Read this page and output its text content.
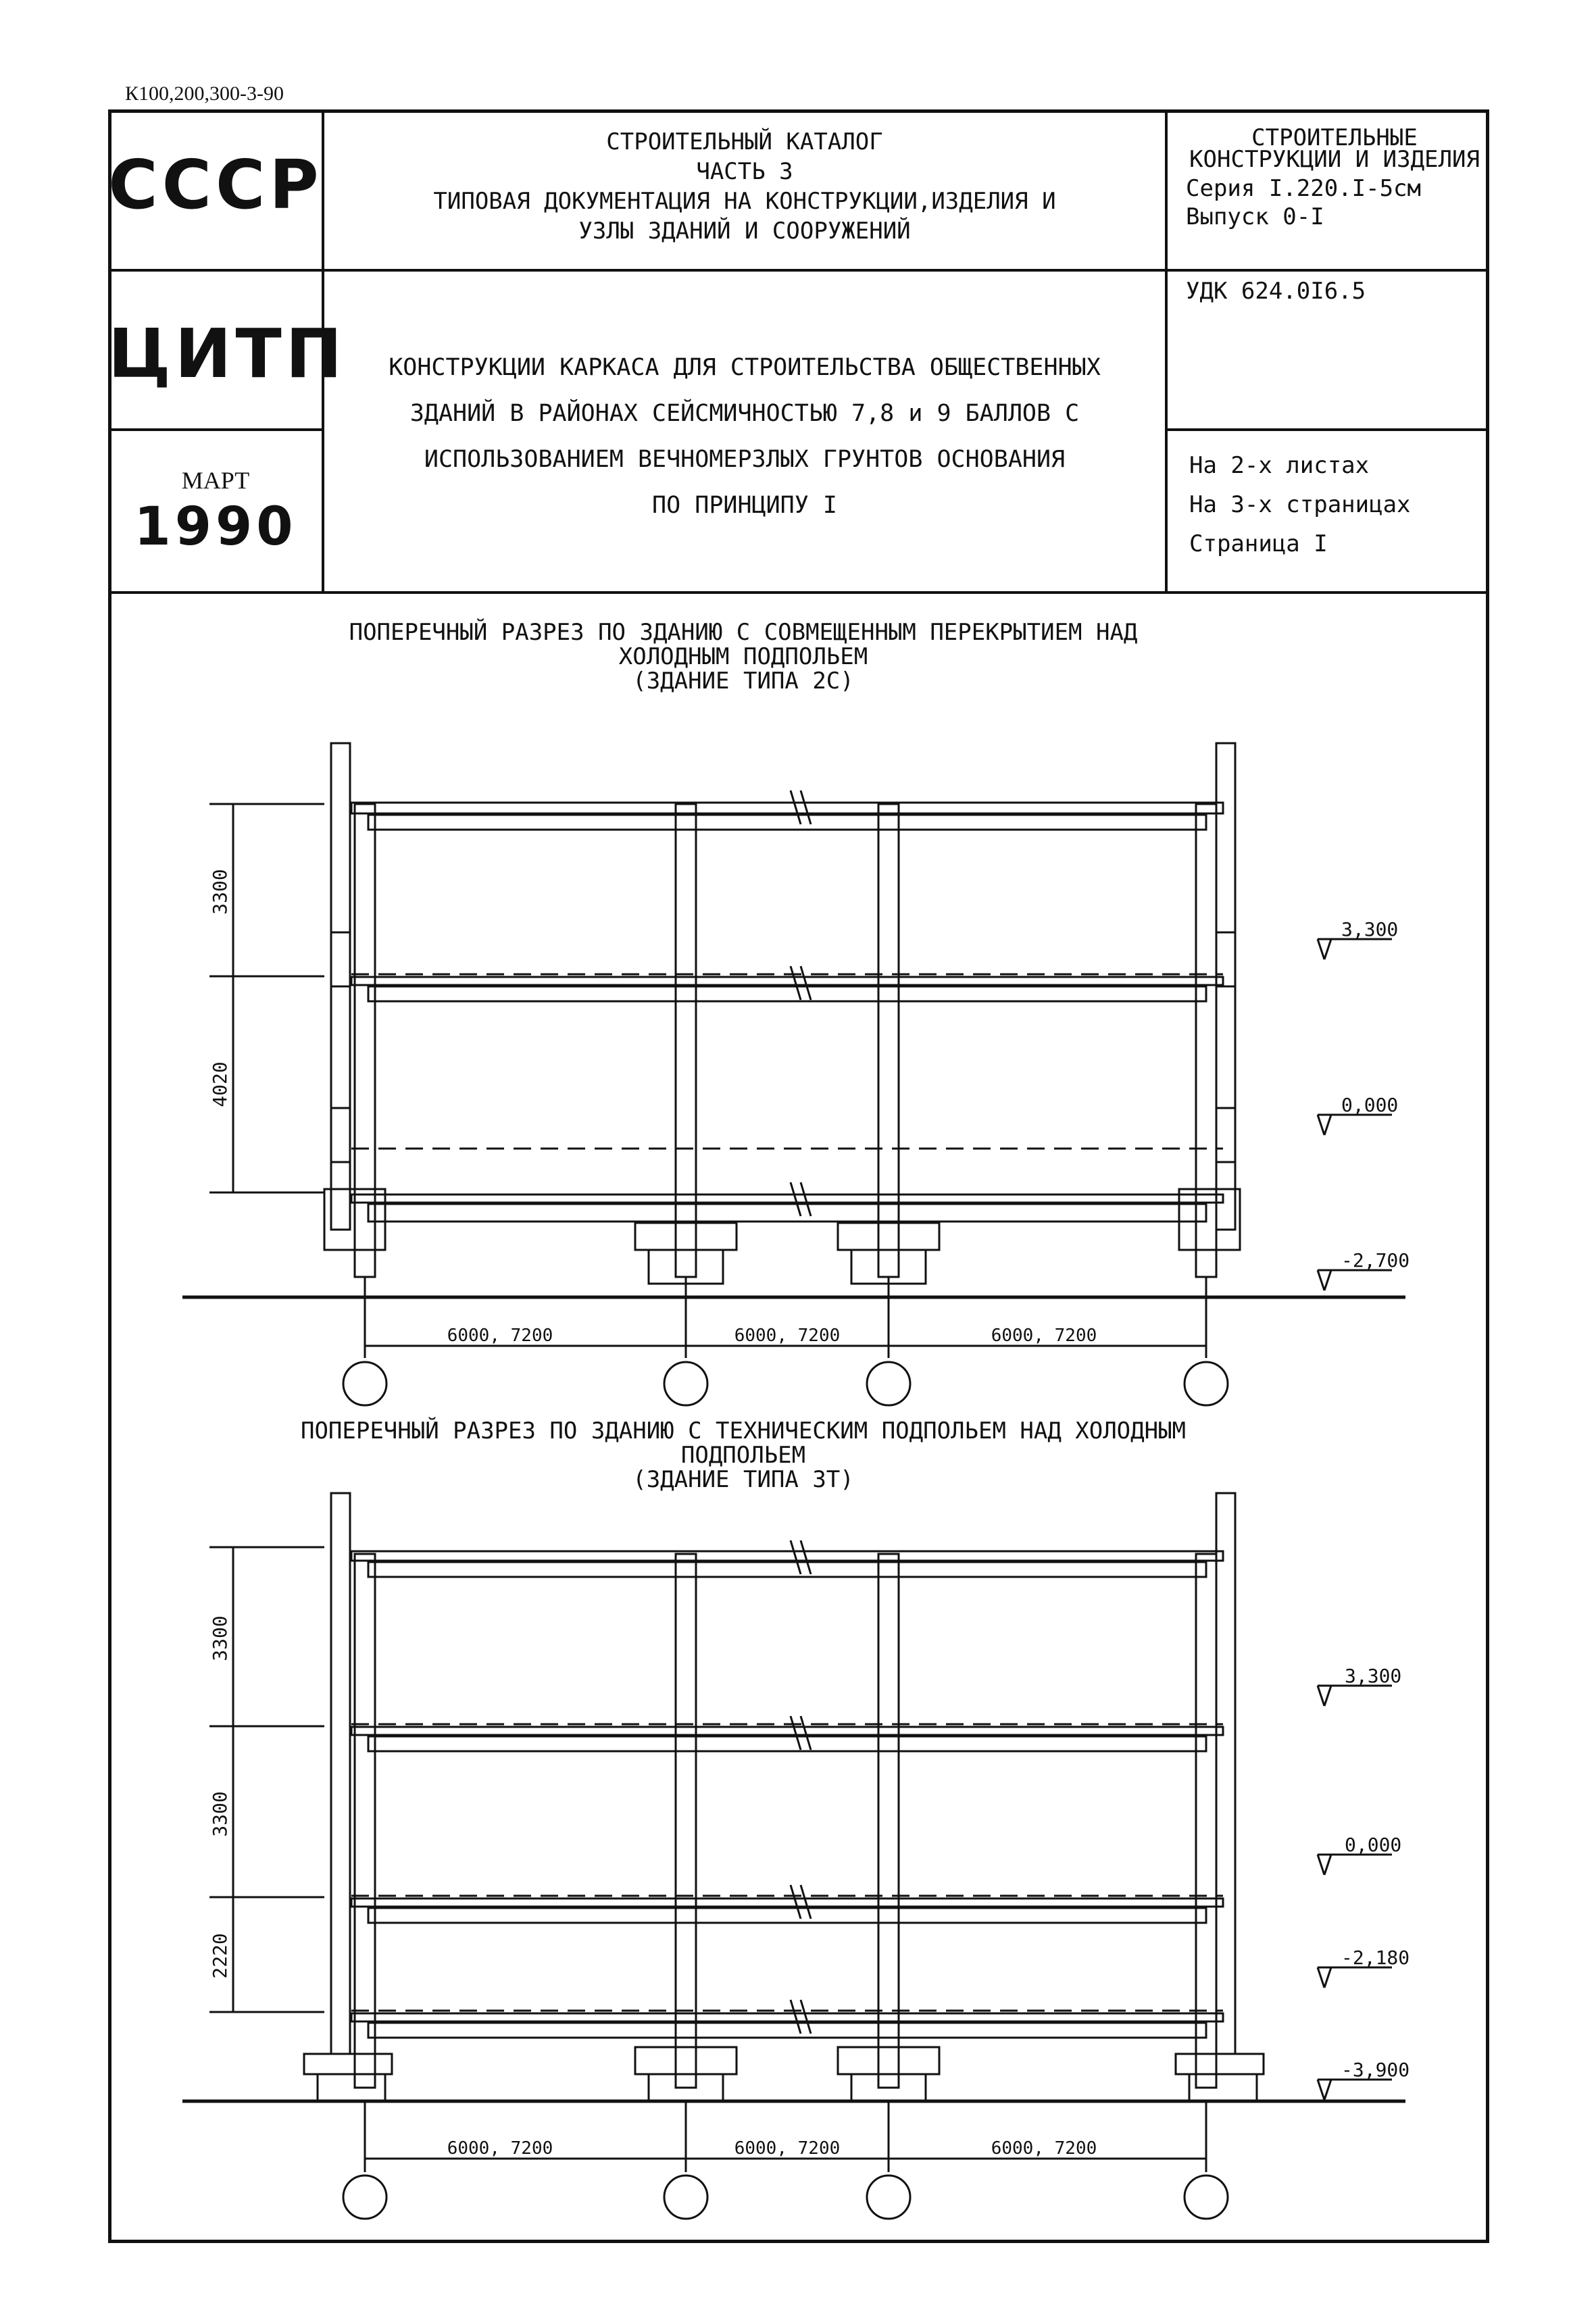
К100,200,300-3-90
СССР
ЦИТП
МАРТ
1990
СТРОИТЕЛЬНЫЙ КАТАЛОГ
ЧАСТЬ 3
ТИПОВАЯ ДОКУМЕНТАЦИЯ НА КОНСТРУКЦИИ,ИЗДЕЛИЯ И
УЗЛЫ ЗДАНИЙ И СООРУЖЕНИЙ
СТРОИТЕЛЬНЫЕ
КОНСТРУКЦИИ И ИЗДЕЛИЯ
Серия I.220.I-5см
Выпуск 0-I
УДК 624.0I6.5
На 2-х листах
На 3-х страницах
Страница I
КОНСТРУКЦИИ КАРКАСА ДЛЯ СТРОИТЕЛЬСТВА ОБЩЕСТВЕННЫХ
ЗДАНИЙ В РАЙОНАХ СЕЙСМИЧНОСТЬЮ 7,8 и 9 БАЛЛОВ С
ИСПОЛЬЗОВАНИЕМ ВЕЧНОМЕРЗЛЫХ ГРУНТОВ ОСНОВАНИЯ
ПО ПРИНЦИПУ I
ПОПЕРЕЧНЫЙ РАЗРЕЗ ПО ЗДАНИЮ С СОВМЕЩЕННЫМ ПЕРЕКРЫТИЕМ НАД
ХОЛОДНЫМ ПОДПОЛЬЕМ
(ЗДАНИЕ ТИПА 2С)
ПОПЕРЕЧНЫЙ РАЗРЕЗ ПО ЗДАНИЮ С ТЕХНИЧЕСКИМ ПОДПОЛЬЕМ НАД ХОЛОДНЫМ
ПОДПОЛЬЕМ
(ЗДАНИЕ ТИПА 3Т)
3300
4020
3,300
0,000
-2,700
6000, 7200	6000, 7200	6000, 7200
3300
3300
2220
3,300
0,000
-2,180
-3,900
6000, 7200	6000, 7200	6000, 7200
